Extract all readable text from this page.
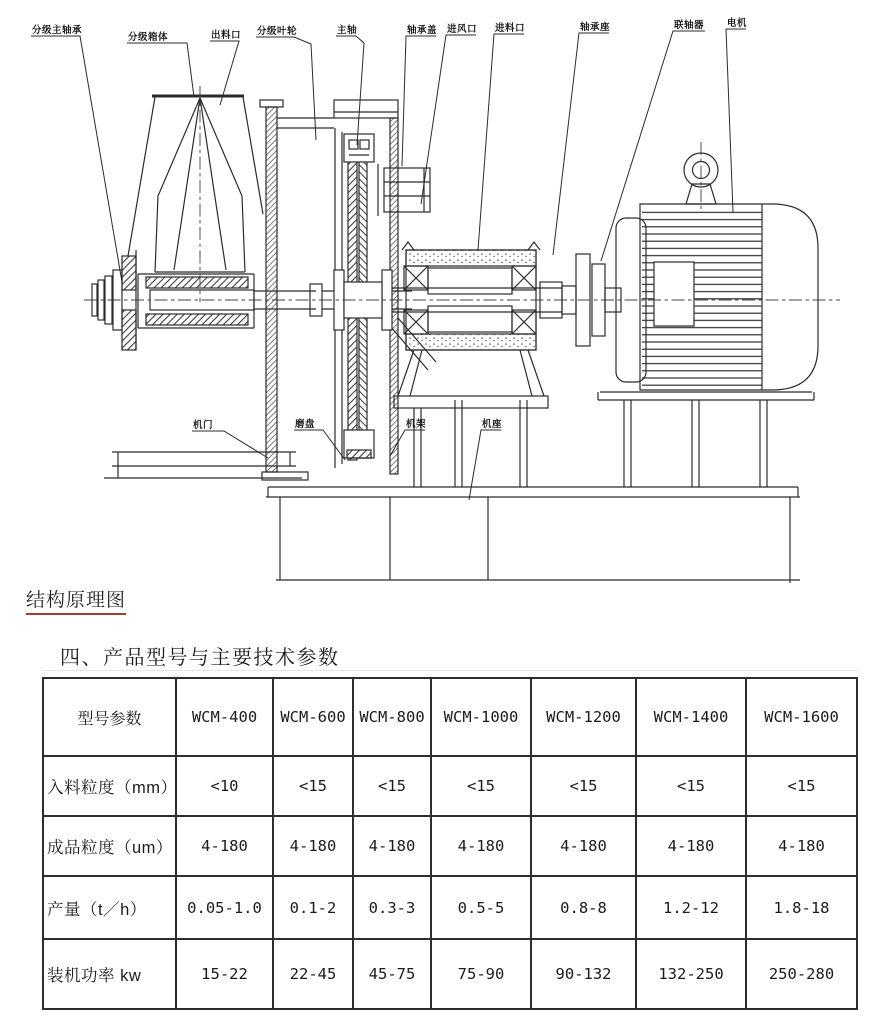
分级主轴承
分级箱体	出料口 分级叶轮	主轴	轴承盖 进风口 进料口	轴承座	联轴器 电机
机门	磨盘	机架	机座
结构原理图
四、产品型号与主要技术参数
型号参数	WCM-400	WCM-600	WCM-800	WCM-1000	WCM-1200	WCM-1400	WCM-1600
入料粒度（mm）	<10	<15	<15	<15	<15	<15	<15
成品粒度（um）	4-180	4-180	4-180	4-180	4-180	4-180	4-180
产量（t／h）	0.05-1.0	0.1-2	0.3-3	0.5-5	0.8-8	1.2-12	1.8-18
装机功率 kw	15-22	22-45	45-75	75-90	90-132	132-250	250-280
